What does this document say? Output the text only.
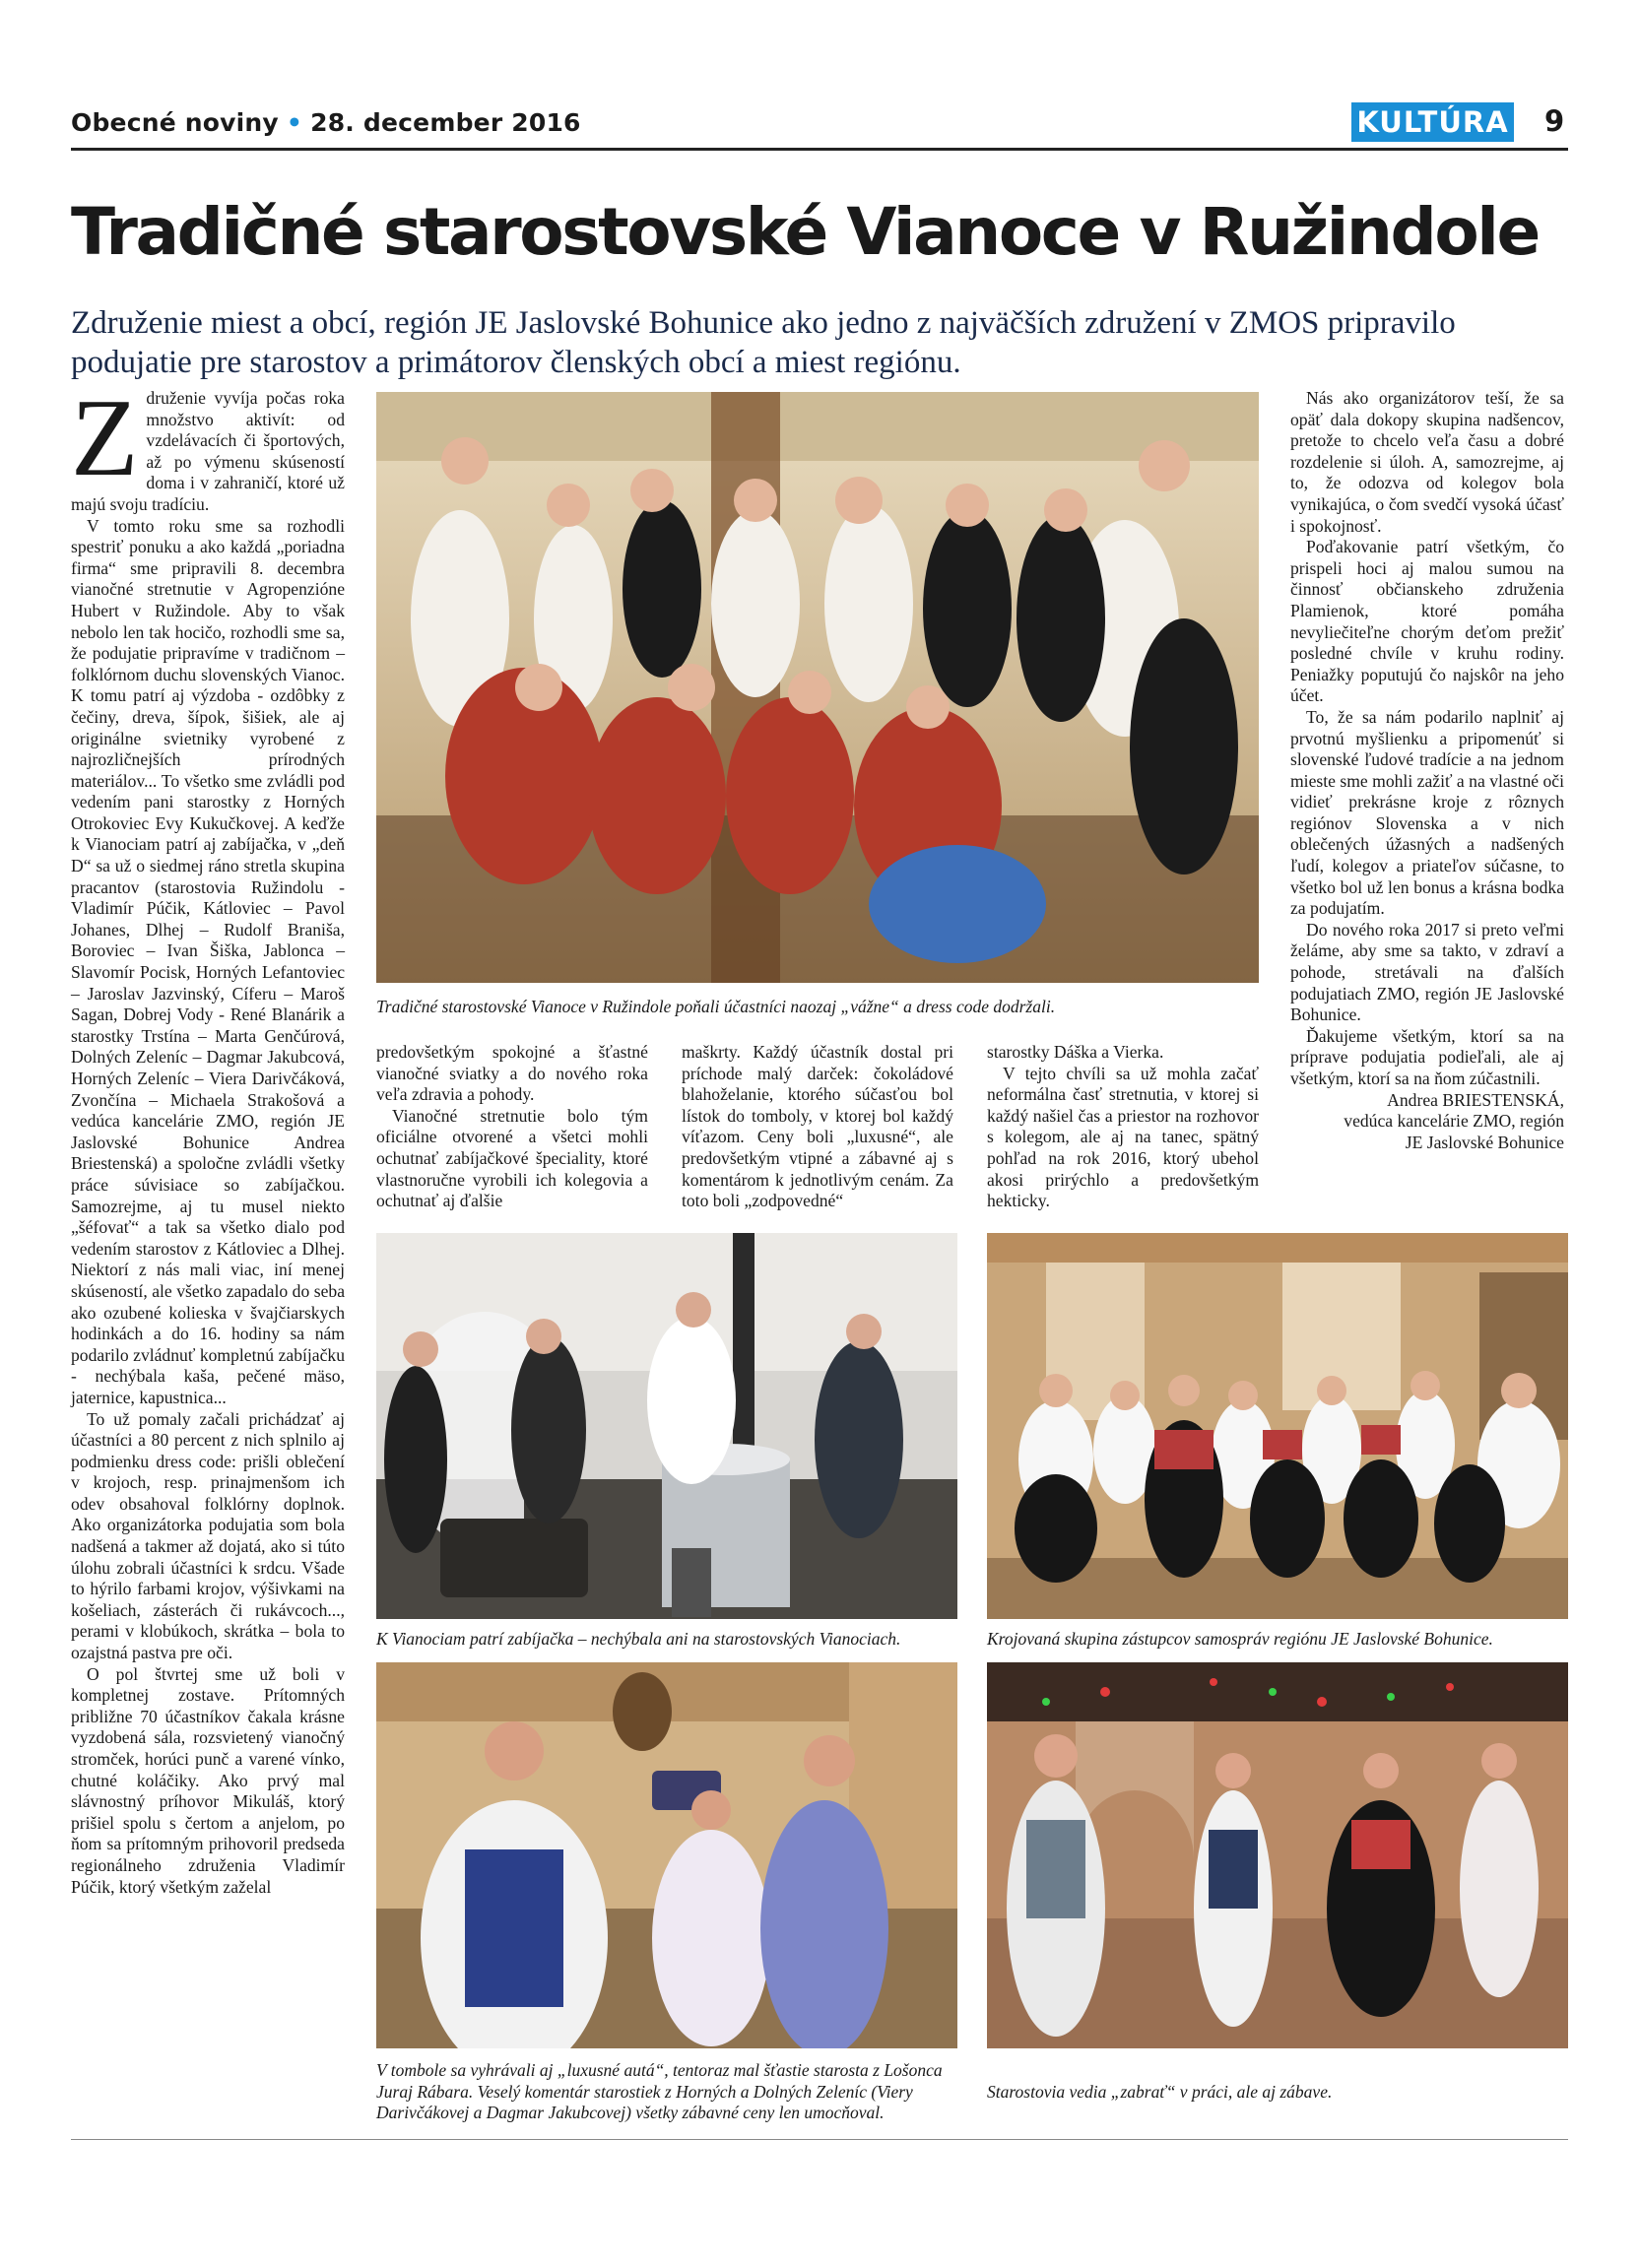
Obecné noviny • 28. december 2016	KULTÚRA 9
Tradičné starostovské Vianoce v Ružindole
Združenie miest a obcí, región JE Jaslovské Bohunice ako jedno z najväčších združení v ZMOS pripravilo podujatie pre starostov a primátorov členských obcí a miest regiónu.

Združenie vyvíja počas roka množstvo aktivít: od vzdelávacích či športových, až po výmenu skúseností doma i v zahraničí, ktoré už majú svoju tradíciu.

V tomto roku sme sa rozhodli spestriť ponuku a ako každá „poriadna firma“ sme pripravili 8. decembra vianočné stretnutie v Agropenzióne Hubert v Ružindole. Aby to však nebolo len tak hocičo, rozhodli sme sa, že podujatie pripravíme v tradičnom – folklórnom duchu slovenských Vianoc. K tomu patrí aj výzdoba - ozdôbky z čečiny, dreva, šípok, šišiek, ale aj originálne svietniky vyrobené z najrozličnejších prírodných materiálov... To všetko sme zvládli pod vedením pani starostky z Horných Otrokoviec Evy Kukučkovej. A keďže k Vianociam patrí aj zabíjačka, v „deň D“ sa už o siedmej ráno stretla skupina pracantov (starostovia Ružindolu - Vladimír Púčik, Kátloviec – Pavol Johanes, Dlhej – Rudolf Braniša, Boroviec – Ivan Šiška, Jablonca – Slavomír Pocisk, Horných Lefantoviec – Jaroslav Jazvinský, Cíferu – Maroš Sagan, Dobrej Vody - René Blanárik a starostky Trstína – Marta Genčúrová, Dolných Zeleníc – Dagmar Jakubcová, Horných Zeleníc – Viera Darivčáková, Zvončína – Michaela Strakošová a vedúca kancelárie ZMO, región JE Jaslovské Bohunice Andrea Briestenská) a spoločne zvládli všetky práce súvisiace so zabíjačkou. Samozrejme, aj tu musel niekto „šéfovať“ a tak sa všetko dialo pod vedením starostov z Kátloviec a Dlhej. Niektorí z nás mali viac, iní menej skúseností, ale všetko zapadalo do seba ako ozubené kolieska v švajčiarskych hodinkách a do 16. hodiny sa nám podarilo zvládnuť kompletnú zabíjačku - nechýbala kaša, pečené mäso, jaternice, kapustnica...

To už pomaly začali prichádzať aj účastníci a 80 percent z nich splnilo aj podmienku dress code: prišli oblečení v krojoch, resp. prinajmenšom ich odev obsahoval folklórny doplnok. Ako organizátorka podujatia som bola nadšená a takmer až dojatá, ako si túto úlohu zobrali účastníci k srdcu. Všade to hýrilo farbami krojov, výšivkami na košeliach, zásterách či rukávcoch..., perami v klobúkoch, skrátka – bola to ozajstná pastva pre oči.

O pol štvrtej sme už boli v kompletnej zostave. Prítomných približne 70 účastníkov čakala krásne vyzdobená sála, rozsvietený vianočný stromček, horúci punč a varené vínko, chutné koláčiky. Ako prvý mal slávnostný príhovor Mikuláš, ktorý prišiel spolu s čertom a anjelom, po ňom sa prítomným prihovoril predseda regionálneho združenia Vladimír Púčik, ktorý všetkým zaželal

Tradičné starostovské Vianoce v Ružindole poňali účastníci naozaj „vážne“ a dress code dodržali.

predovšetkým spokojné a šťastné vianočné sviatky a do nového roka veľa zdravia a pohody.

Vianočné stretnutie bolo tým oficiálne otvorené a všetci mohli ochutnať zabíjačkové špeciality, ktoré vlastnoručne vyrobili ich kolegovia a ochutnať aj ďalšie

maškrty. Každý účastník dostal pri príchode malý darček: čokoládové blahoželanie, ktorého súčasťou bol lístok do tomboly, v ktorej bol každý víťazom. Ceny boli „luxusné“, ale predovšetkým vtipné a zábavné aj s komentárom k jednotlivým cenám. Za toto boli „zodpovedné“

starostky Dáška a Vierka.

V tejto chvíli sa už mohla začať neformálna časť stretnutia, v ktorej si každý našiel čas a priestor na rozhovor s kolegom, ale aj na tanec, spätný pohľad na rok 2016, ktorý ubehol akosi prirýchlo a predovšetkým hekticky.

Nás ako organizátorov teší, že sa opäť dala dokopy skupina nadšencov, pretože to chcelo veľa času a dobré rozdelenie si úloh. A, samozrejme, aj to, že odozva od kolegov bola vynikajúca, o čom svedčí vysoká účasť i spokojnosť.

Poďakovanie patrí všetkým, čo prispeli hoci aj malou sumou na činnosť občianskeho združenia Plamienok, ktoré pomáha nevyliečiteľne chorým deťom prežiť posledné chvíle v kruhu rodiny. Peniažky poputujú čo najskôr na jeho účet.

To, že sa nám podarilo naplniť aj prvotnú myšlienku a pripomenúť si slovenské ľudové tradície a na jednom mieste sme mohli zažiť a na vlastné oči vidieť prekrásne kroje z rôznych regiónov Slovenska a v nich oblečených úžasných a nadšených ľudí, kolegov a priateľov súčasne, to všetko bol už len bonus a krásna bodka za podujatím.

Do nového roka 2017 si preto veľmi želáme, aby sme sa takto, v zdraví a pohode, stretávali na ďalších podujatiach ZMO, región JE Jaslovské Bohunice.

Ďakujeme všetkým, ktorí sa na príprave podujatia podieľali, ale aj všetkým, ktorí sa na ňom zúčastnili.

Andrea BRIESTENSKÁ,
vedúca kancelárie ZMO, región
JE Jaslovské Bohunice
K Vianociam patrí zabíjačka – nechýbala ani na starostovských Vianociach.	Krojovaná skupina zástupcov samospráv regiónu JE Jaslovské Bohunice.
V tombole sa vyhrávali aj „luxusné autá“, tentoraz mal šťastie starosta z Lošonca Juraj Rábara. Veselý komentár starostiek z Horných a Dolných Zeleníc (Viery Darivčákovej a Dagmar Jakubcovej) všetky zábavné ceny len umocňoval.
Starostovia vedia „zabrať“ v práci, ale aj zábave.
